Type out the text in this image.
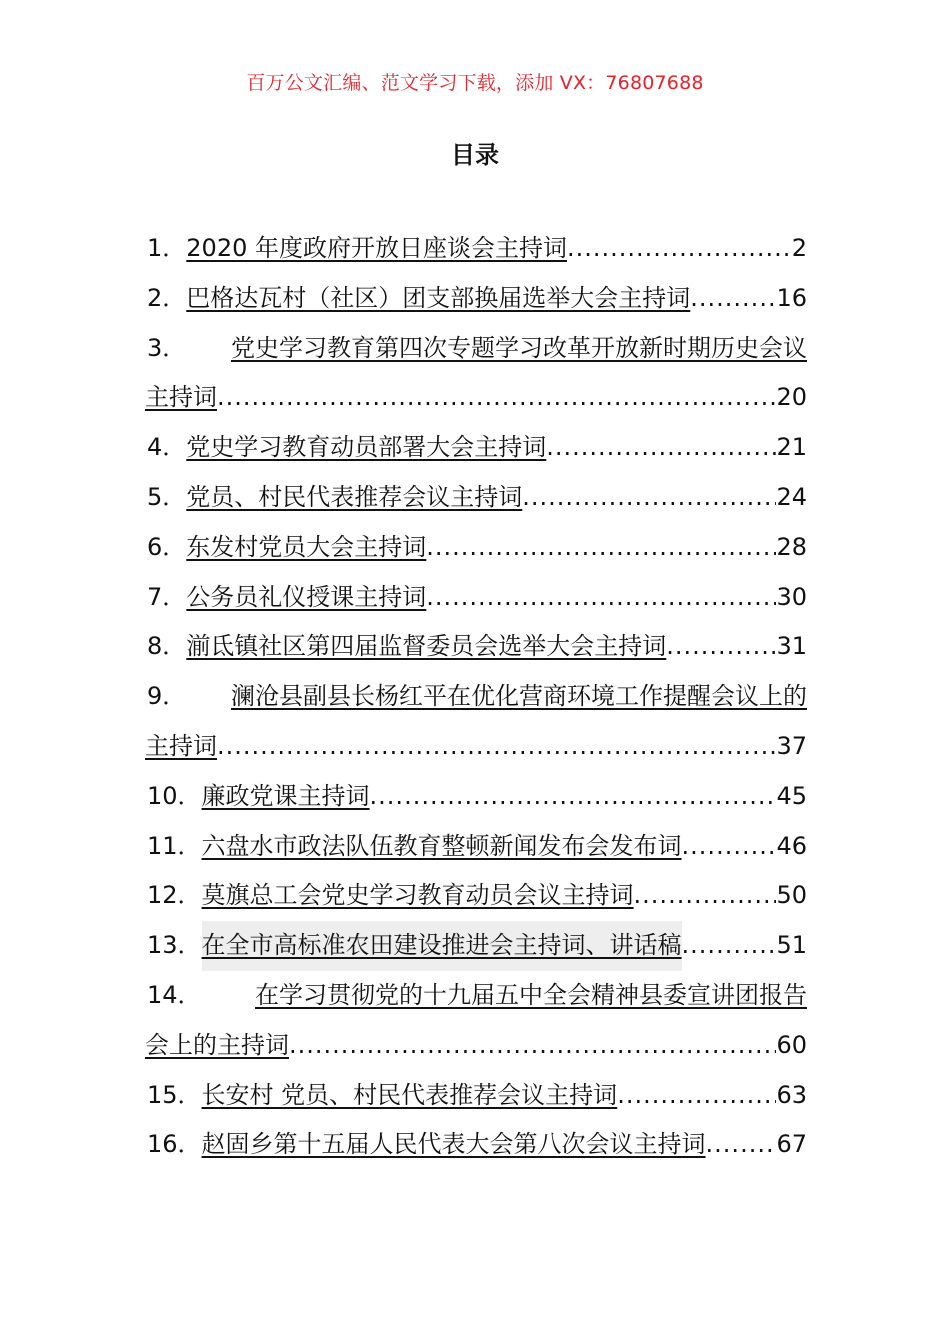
百万公文汇编、范文学习下载，添加 VX：76807688
目录
1． 2020 年度政府开放日座谈会主持词 .....	2
2． 巴格达瓦村（社区）团支部换届选举大会主持词 .....	16
3． 党史学习教育第四次专题学习改革开放新时期历史会议
主持词 .....	20
4． 党史学习教育动员部署大会主持词 .....	21
5． 党员、村民代表推荐会议主持词 .....	24
6． 东发村党员大会主持词 .....	28
7． 公务员礼仪授课主持词 .....	30
8． 湔氐镇社区第四届监督委员会选举大会主持词 .....	31
9． 澜沧县副县长杨红平在优化营商环境工作提醒会议上的
主持词 .....	37
10． 廉政党课主持词 .....	45
11． 六盘水市政法队伍教育整顿新闻发布会发布词 .....	46
12． 莫旗总工会党史学习教育动员会议主持词 .....	50
13． 在全市高标准农田建设推进会主持词、讲话稿 .....	51
14． 在学习贯彻党的十九届五中全会精神县委宣讲团报告
会上的主持词 .....	60
15． 长安村 党员、村民代表推荐会议主持词 .....	63
16． 赵固乡第十五届人民代表大会第八次会议主持词 .....	67
